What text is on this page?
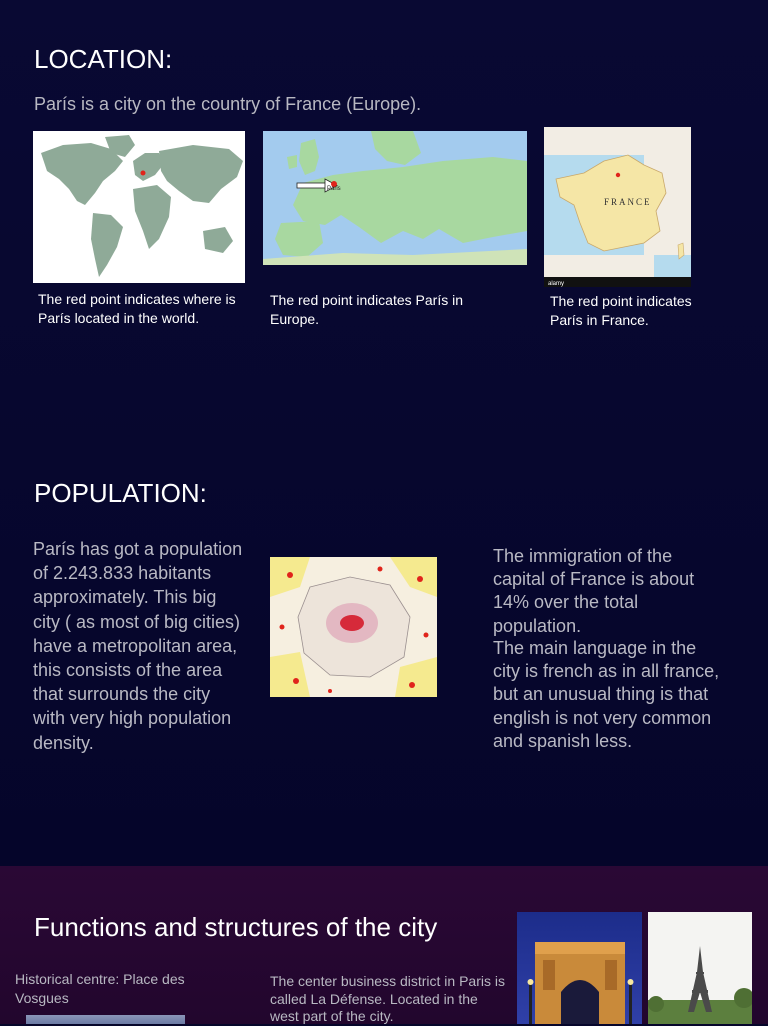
LOCATION:
París is a city on the country of France (Europe).
Paris
FRANCE
alamy
The red point indicates where is París located in the world.
The red point indicates París in Europe.
The red point indicates París in France.
POPULATION:
París has got a population of 2.243.833 habitants approximately. This big city ( as most of big cities) have a metropolitan area, this consists of the area that surrounds the city with very high population density.
The immigration of the capital of France is about 14% over the total population.
The main language in the city is french as in all france, but an unusual thing is that english is not very common and spanish less.
Functions and structures of the city
Historical centre: Place des Vosgues
The center business district in Paris is called La Défense. Located in the west part of the city.
